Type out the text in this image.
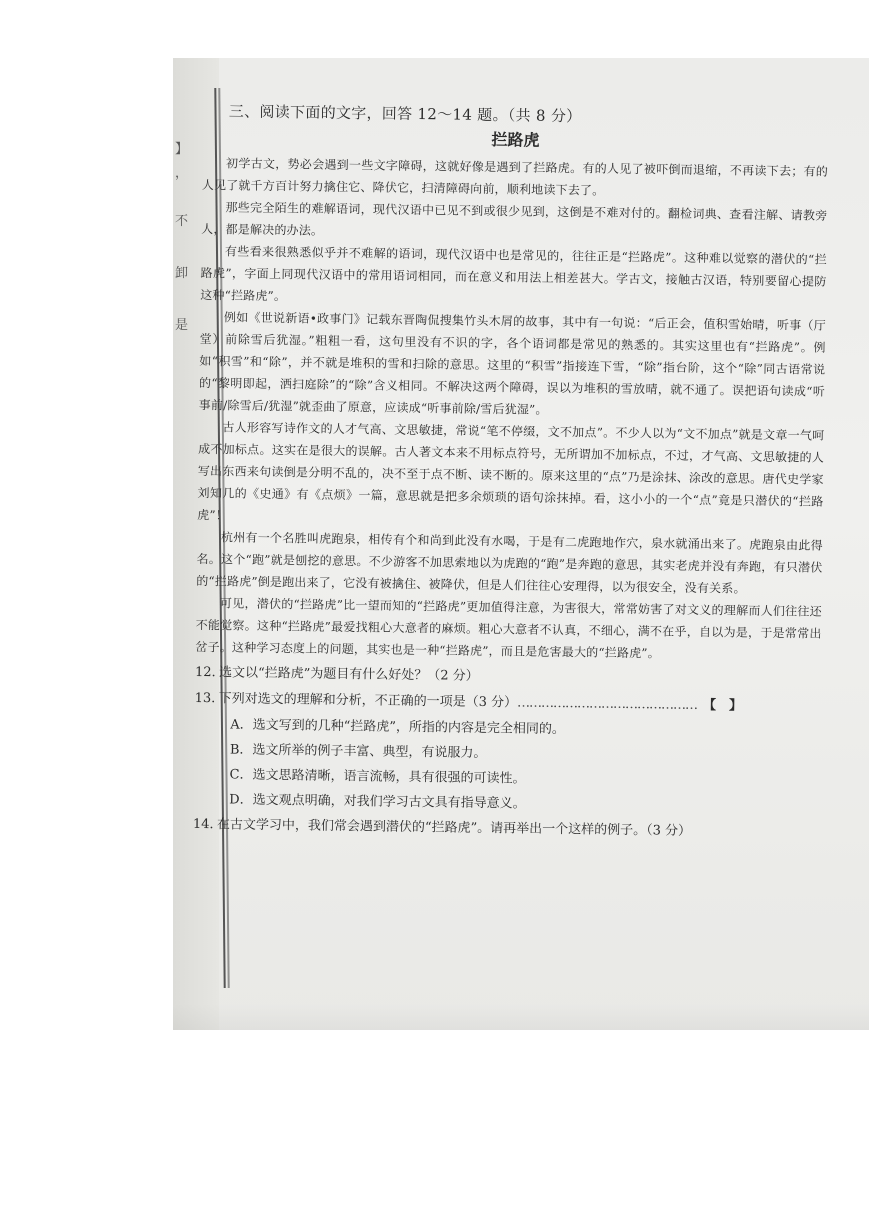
】
，
不
卸
是
三、阅读下面的文字，回答 12～14 题。（共 8 分）
拦路虎

初学古文，势必会遇到一些文字障碍，这就好像是遇到了拦路虎。有的人见了被吓倒而退缩，不再读下去；有的人见了就千方百计努力擒住它、降伏它，扫清障碍向前，顺利地读下去了。

那些完全陌生的难解语词，现代汉语中已见不到或很少见到，这倒是不难对付的。翻检词典、查看注解、请教旁人，都是解决的办法。

有些看来很熟悉似乎并不难解的语词，现代汉语中也是常见的，往往正是“拦路虎”。这种难以觉察的潜伏的“拦路虎”，字面上同现代汉语中的常用语词相同，而在意义和用法上相差甚大。学古文，接触古汉语，特别要留心提防这种“拦路虎”。

例如《世说新语•政事门》记载东晋陶侃搜集竹头木屑的故事，其中有一句说：“后正会，值积雪始晴，听事（厅堂）前除雪后犹湿。”粗粗一看，这句里没有不识的字，各个语词都是常见的熟悉的。其实这里也有“拦路虎”。例如“积雪”和“除”，并不就是堆积的雪和扫除的意思。这里的“积雪”指接连下雪，“除”指台阶，这个“除”同古语常说的“黎明即起，洒扫庭除”的“除”含义相同。不解决这两个障碍，误以为堆积的雪放晴，就不通了。误把语句读成“听事前/除雪后/犹湿”就歪曲了原意，应读成“听事前除/雪后犹湿”。

古人形容写诗作文的人才气高、文思敏捷，常说“笔不停缀，文不加点”。不少人以为“文不加点”就是文章一气呵成不加标点。这实在是很大的误解。古人著文本来不用标点符号，无所谓加不加标点，不过，才气高、文思敏捷的人写出东西来句读倒是分明不乱的，决不至于点不断、读不断的。原来这里的“点”乃是涂抹、涂改的意思。唐代史学家刘知几的《史通》有《点烦》一篇，意思就是把多余烦琐的语句涂抹掉。看，这小小的一个“点”竟是只潜伏的“拦路虎”！

杭州有一个名胜叫虎跑泉，相传有个和尚到此没有水喝，于是有二虎跑地作穴，泉水就涌出来了。虎跑泉由此得名。这个“跑”就是刨挖的意思。不少游客不加思索地以为虎跑的“跑”是奔跑的意思，其实老虎并没有奔跑，有只潜伏的“拦路虎”倒是跑出来了，它没有被擒住、被降伏，但是人们往往心安理得，以为很安全，没有关系。

可见，潜伏的“拦路虎”比一望而知的“拦路虎”更加值得注意，为害很大，常常妨害了对文义的理解而人们往往还不能觉察。这种“拦路虎”最爱找粗心大意者的麻烦。粗心大意者不认真，不细心，满不在乎，自以为是，于是常常出岔子。这种学习态度上的问题，其实也是一种“拦路虎”，而且是危害最大的“拦路虎”。

12. 选文以“拦路虎”为题目有什么好处？（2 分）

13. 下列对选文的理解和分析，不正确的一项是（3 分）……………………………………… 【　】

A．选文写到的几种“拦路虎”，所指的内容是完全相同的。

B．选文所举的例子丰富、典型，有说服力。

C．选文思路清晰，语言流畅，具有很强的可读性。

D．选文观点明确，对我们学习古文具有指导意义。

14. 在古文学习中，我们常会遇到潜伏的“拦路虎”。请再举出一个这样的例子。（3 分）
